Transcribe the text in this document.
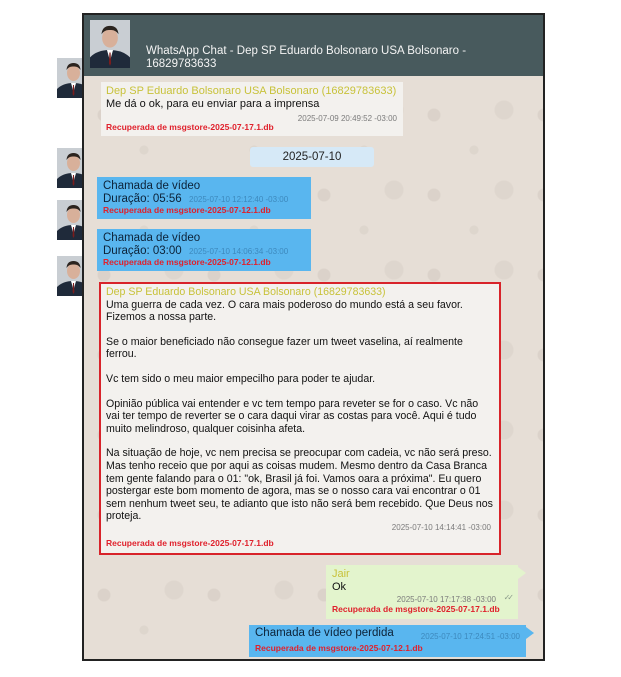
WhatsApp Chat - Dep SP Eduardo Bolsonaro USA Bolsonaro - 16829783633
Dep SP Eduardo Bolsonaro USA Bolsonaro (16829783633)
Me dá o ok, para eu enviar para a imprensa
2025-07-09 20:49:52 -03:00
Recuperada de msgstore-2025-07-17.1.db
2025-07-10
Chamada de vídeo
Duração: 05:56 2025-07-10 12:12:40 -03:00
Recuperada de msgstore-2025-07-12.1.db
Chamada de vídeo
Duração: 03:00 2025-07-10 14:06:34 -03:00
Recuperada de msgstore-2025-07-12.1.db
Dep SP Eduardo Bolsonaro USA Bolsonaro (16829783633)

Uma guerra de cada vez. O cara mais poderoso do mundo está a seu favor. Fizemos a nossa parte.

Se o maior beneficiado não consegue fazer um tweet vaselina, aí realmente ferrou.

Vc tem sido o meu maior empecilho para poder te ajudar.

Opinião pública vai entender e vc tem tempo para reveter se for o caso. Vc não vai ter tempo de reverter se o cara daqui virar as costas para você. Aqui é tudo muito melindroso, qualquer coisinha afeta.

Na situação de hoje, vc nem precisa se preocupar com cadeia, vc não será preso. Mas tenho receio que por aqui as coisas mudem. Mesmo dentro da Casa Branca tem gente falando para o 01: "ok, Brasil já foi. Vamos oara a próxima". Eu quero postergar este bom momento de agora, mas se o nosso cara vai encontrar o 01 sem nenhum tweet seu, te adianto que isto não será bem recebido. Que Deus nos proteja.

2025-07-10 14:14:41 -03:00
Recuperada de msgstore-2025-07-17.1.db
Jair
Ok
2025-07-10 17:17:38 -03:00 ✓✓
Recuperada de msgstore-2025-07-17.1.db
Chamada de vídeo perdida	2025-07-10 17:24:51 -03:00
Recuperada de msgstore-2025-07-12.1.db
